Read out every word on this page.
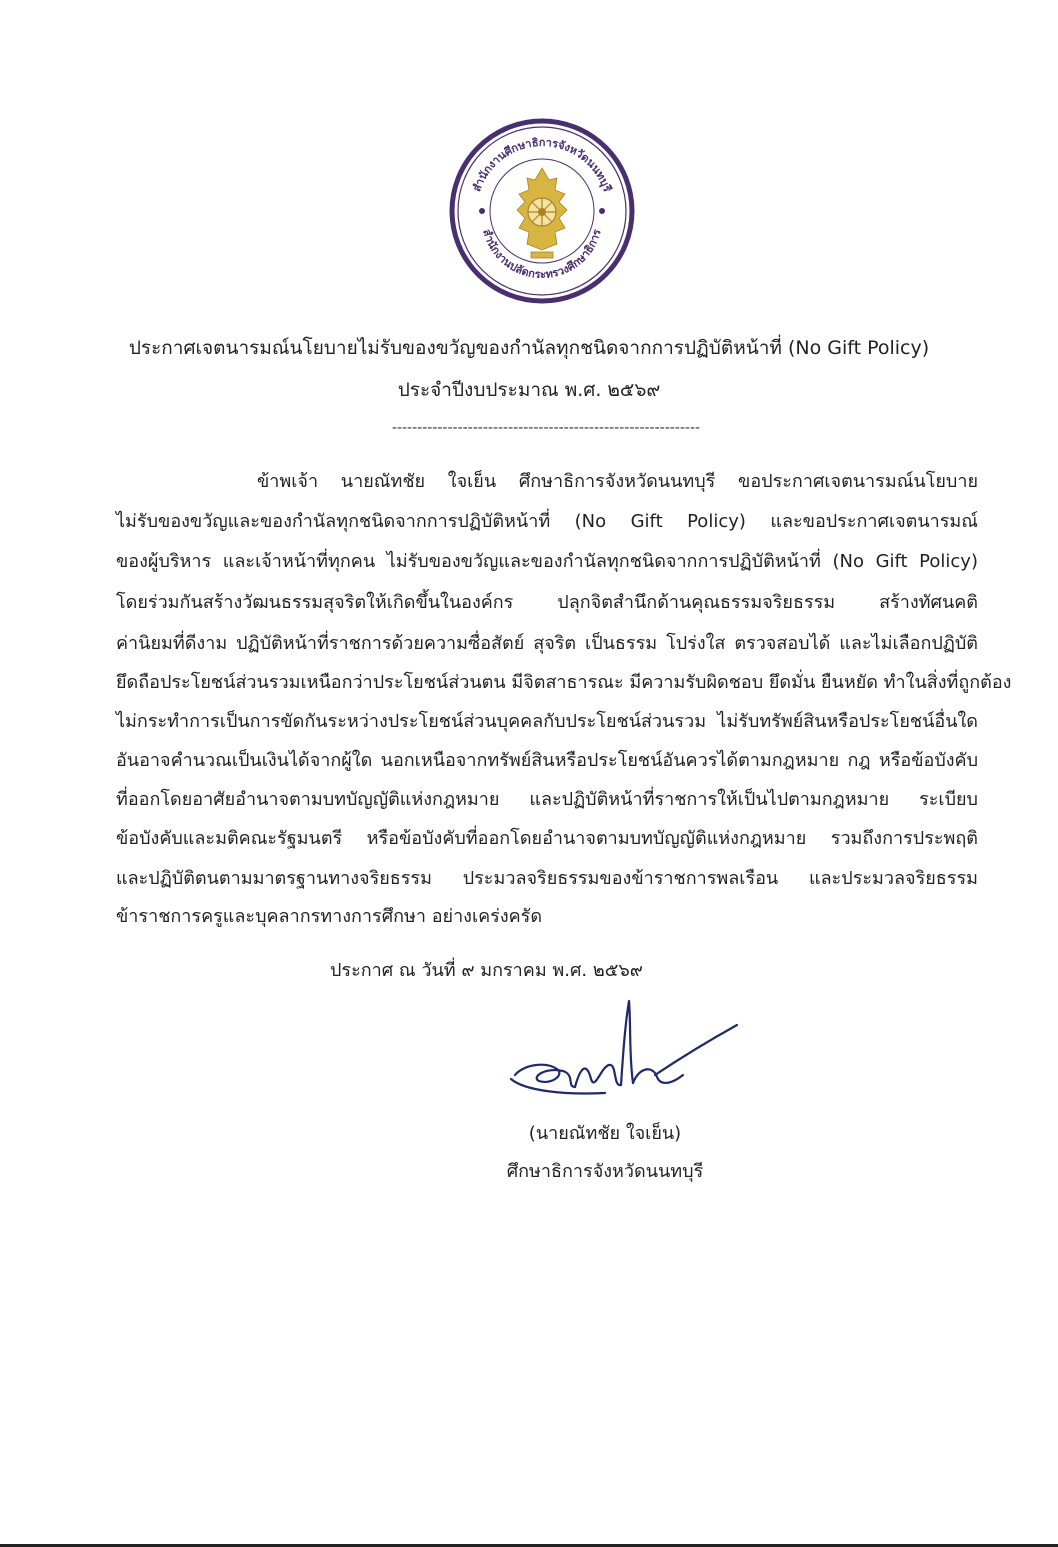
สำนักงานศึกษาธิการจังหวัดนนทบุรี
สำนักงานปลัดกระทรวงศึกษาธิการ
ประกาศเจตนารมณ์นโยบายไม่รับของขวัญของกำนัลทุกชนิดจากการปฏิบัติหน้าที่ (No Gift Policy)
ประจำปีงบประมาณ พ.ศ. ๒๕๖๙
-------------------------------------------------------------
ข้าพเจ้า นายณัทชัย ใจเย็น ศึกษาธิการจังหวัดนนทบุรี ขอประกาศเจตนารมณ์นโยบาย
ไม่รับของขวัญและของกำนัลทุกชนิดจากการปฏิบัติหน้าที่ (No Gift Policy) และขอประกาศเจตนารมณ์
ของผู้บริหาร และเจ้าหน้าที่ทุกคน ไม่รับของขวัญและของกำนัลทุกชนิดจากการปฏิบัติหน้าที่ (No Gift Policy)
โดยร่วมกันสร้างวัฒนธรรมสุจริตให้เกิดขึ้นในองค์กร ปลุกจิตสำนึกด้านคุณธรรมจริยธรรม สร้างทัศนคติ
ค่านิยมที่ดีงาม ปฏิบัติหน้าที่ราชการด้วยความซื่อสัตย์ สุจริต เป็นธรรม โปร่งใส ตรวจสอบได้ และไม่เลือกปฏิบัติ
ยึดถือประโยชน์ส่วนรวมเหนือกว่าประโยชน์ส่วนตน มีจิตสาธารณะ มีความรับผิดชอบ ยึดมั่น ยืนหยัด ทำในสิ่งที่ถูกต้อง
ไม่กระทำการเป็นการขัดกันระหว่างประโยชน์ส่วนบุคคลกับประโยชน์ส่วนรวม ไม่รับทรัพย์สินหรือประโยชน์อื่นใด
อันอาจคำนวณเป็นเงินได้จากผู้ใด นอกเหนือจากทรัพย์สินหรือประโยชน์อันควรได้ตามกฎหมาย กฎ หรือข้อบังคับ
ที่ออกโดยอาศัยอำนาจตามบทบัญญัติแห่งกฎหมาย และปฏิบัติหน้าที่ราชการให้เป็นไปตามกฎหมาย ระเบียบ
ข้อบังคับและมติคณะรัฐมนตรี หรือข้อบังคับที่ออกโดยอำนาจตามบทบัญญัติแห่งกฎหมาย รวมถึงการประพฤติ
และปฏิบัติตนตามมาตรฐานทางจริยธรรม ประมวลจริยธรรมของข้าราชการพลเรือน และประมวลจริยธรรม
ข้าราชการครูและบุคลากรทางการศึกษา อย่างเคร่งครัด
ประกาศ ณ วันที่ ๙ มกราคม พ.ศ. ๒๕๖๙
(นายณัทชัย ใจเย็น)
ศึกษาธิการจังหวัดนนทบุรี
